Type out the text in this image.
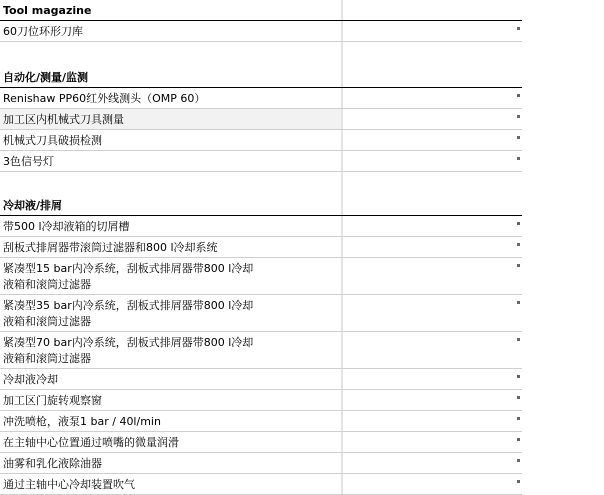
Tool magazine
60刀位环形刀库
自动化/测量/监测
Renishaw PP60红外线测头（OMP 60）
加工区内机械式刀具测量
机械式刀具破损检测
3色信号灯
冷却液/排屑
带500 l冷却液箱的切屑槽
刮板式排屑器带滚筒过滤器和800 l冷却系统
紧凑型15 bar内冷系统，刮板式排屑器带800 l冷却
液箱和滚筒过滤器
紧凑型35 bar内冷系统，刮板式排屑器带800 l冷却
液箱和滚筒过滤器
紧凑型70 bar内冷系统，刮板式排屑器带800 l冷却
液箱和滚筒过滤器
冷却液冷却
加工区门旋转观察窗
冲洗喷枪，液泵1 bar / 40l/min
在主轴中心位置通过喷嘴的微量润滑
油雾和乳化液除油器
通过主轴中心冷却装置吹气
